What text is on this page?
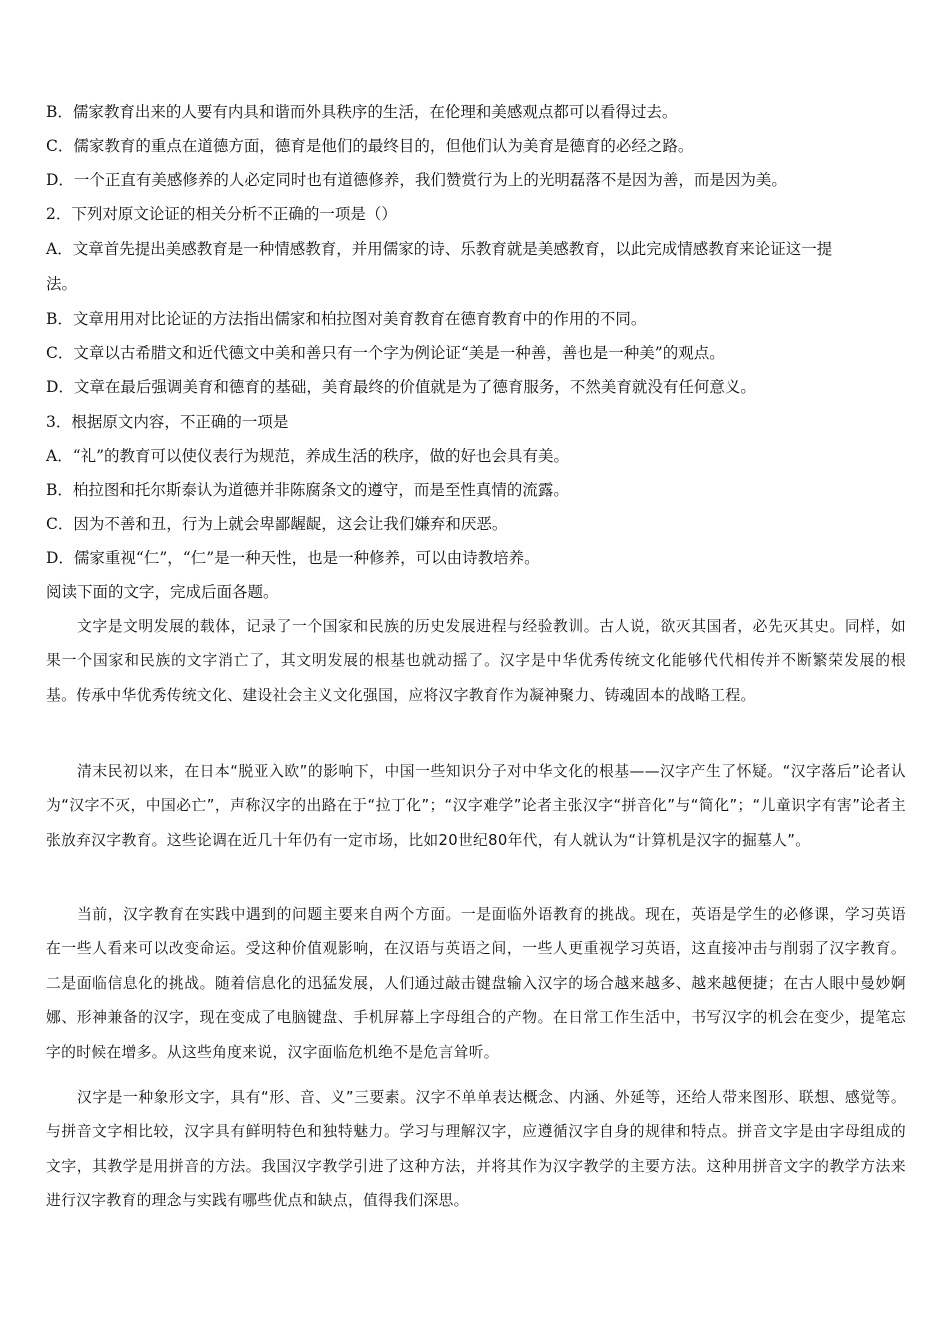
B．儒家教育出来的人要有内具和谐而外具秩序的生活，在伦理和美感观点都可以看得过去。
C．儒家教育的重点在道德方面，德育是他们的最终目的，但他们认为美育是德育的必经之路。
D．一个正直有美感修养的人必定同时也有道德修养，我们赞赏行为上的光明磊落不是因为善，而是因为美。
2．下列对原文论证的相关分析不正确的一项是（）
A．文章首先提出美感教育是一种情感教育，并用儒家的诗、乐教育就是美感教育，以此完成情感教育来论证这一提
法。
B．文章用用对比论证的方法指出儒家和柏拉图对美育教育在德育教育中的作用的不同。
C．文章以古希腊文和近代德文中美和善只有一个字为例论证“美是一种善，善也是一种美”的观点。
D．文章在最后强调美育和德育的基础，美育最终的价值就是为了德育服务，不然美育就没有任何意义。
3．根据原文内容，不正确的一项是
A．“礼”的教育可以使仪表行为规范，养成生活的秩序，做的好也会具有美。
B．柏拉图和托尔斯泰认为道德并非陈腐条文的遵守，而是至性真情的流露。
C．因为不善和丑，行为上就会卑鄙龌龊，这会让我们嫌弃和厌恶。
D．儒家重视“仁”，“仁”是一种天性，也是一种修养，可以由诗教培养。
阅读下面的文字，完成后面各题。
文字是文明发展的载体，记录了一个国家和民族的历史发展进程与经验教训。古人说，欲灭其国者，必先灭其史。同样，如果一个国家和民族的文字消亡了，其文明发展的根基也就动摇了。汉字是中华优秀传统文化能够代代相传并不断繁荣发展的根基。传承中华优秀传统文化、建设社会主义文化强国，应将汉字教育作为凝神聚力、铸魂固本的战略工程。
清末民初以来，在日本“脱亚入欧”的影响下，中国一些知识分子对中华文化的根基——汉字产生了怀疑。“汉字落后”论者认为“汉字不灭，中国必亡”，声称汉字的出路在于“拉丁化”；“汉字难学”论者主张汉字“拼音化”与“简化”；“儿童识字有害”论者主张放弃汉字教育。这些论调在近几十年仍有一定市场，比如20世纪80年代，有人就认为“计算机是汉字的掘墓人”。
当前，汉字教育在实践中遇到的问题主要来自两个方面。一是面临外语教育的挑战。现在，英语是学生的必修课，学习英语在一些人看来可以改变命运。受这种价值观影响，在汉语与英语之间，一些人更重视学习英语，这直接冲击与削弱了汉字教育。二是面临信息化的挑战。随着信息化的迅猛发展，人们通过敲击键盘输入汉字的场合越来越多、越来越便捷；在古人眼中曼妙婀娜、形神兼备的汉字，现在变成了电脑键盘、手机屏幕上字母组合的产物。在日常工作生活中，书写汉字的机会在变少，提笔忘字的时候在增多。从这些角度来说，汉字面临危机绝不是危言耸听。
汉字是一种象形文字，具有“形、音、义”三要素。汉字不单单表达概念、内涵、外延等，还给人带来图形、联想、感觉等。与拼音文字相比较，汉字具有鲜明特色和独特魅力。学习与理解汉字，应遵循汉字自身的规律和特点。拼音文字是由字母组成的文字，其教学是用拼音的方法。我国汉字教学引进了这种方法，并将其作为汉字教学的主要方法。这种用拼音文字的教学方法来进行汉字教育的理念与实践有哪些优点和缺点，值得我们深思。
